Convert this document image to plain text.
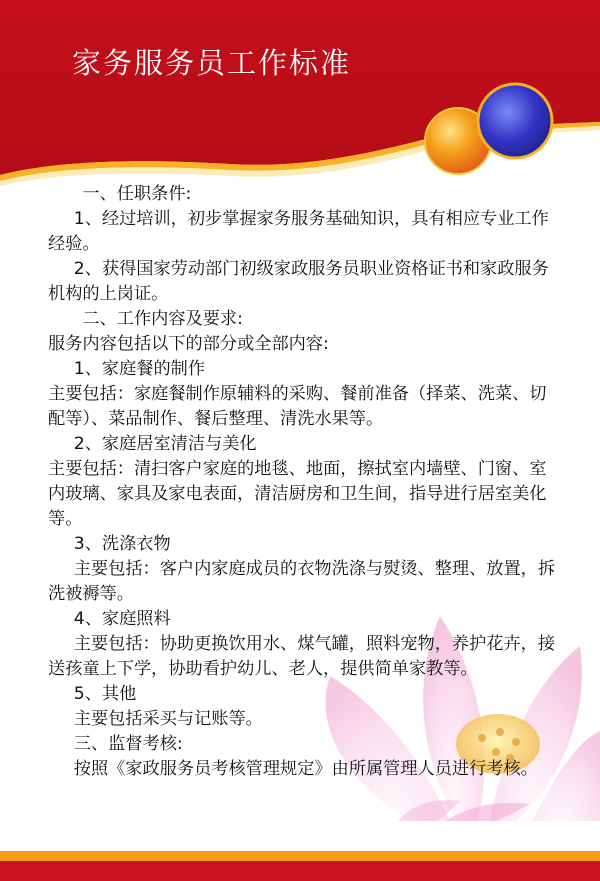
家务服务员工作标准

一、任职条件:

1、经过培训，初步掌握家务服务基础知识，具有相应专业工作经验。

2、获得国家劳动部门初级家政服务员职业资格证书和家政服务机构的上岗证。

二、工作内容及要求:

服务内容包括以下的部分或全部内容:

1、家庭餐的制作

主要包括：家庭餐制作原辅料的采购、餐前准备（择菜、洗菜、切配等）、菜品制作、餐后整理、清洗水果等。

2、家庭居室清洁与美化

主要包括：清扫客户家庭的地毯、地面，擦拭室内墙壁、门窗、室内玻璃、家具及家电表面，清洁厨房和卫生间，指导进行居室美化等。

3、洗涤衣物

主要包括：客户内家庭成员的衣物洗涤与熨烫、整理、放置，拆洗被褥等。

4、家庭照料

主要包括：协助更换饮用水、煤气罐，照料宠物，养护花卉，接送孩童上下学，协助看护幼儿、老人，提供简单家教等。

5、其他

主要包括采买与记账等。

三、监督考核:

按照《家政服务员考核管理规定》由所属管理人员进行考核。
